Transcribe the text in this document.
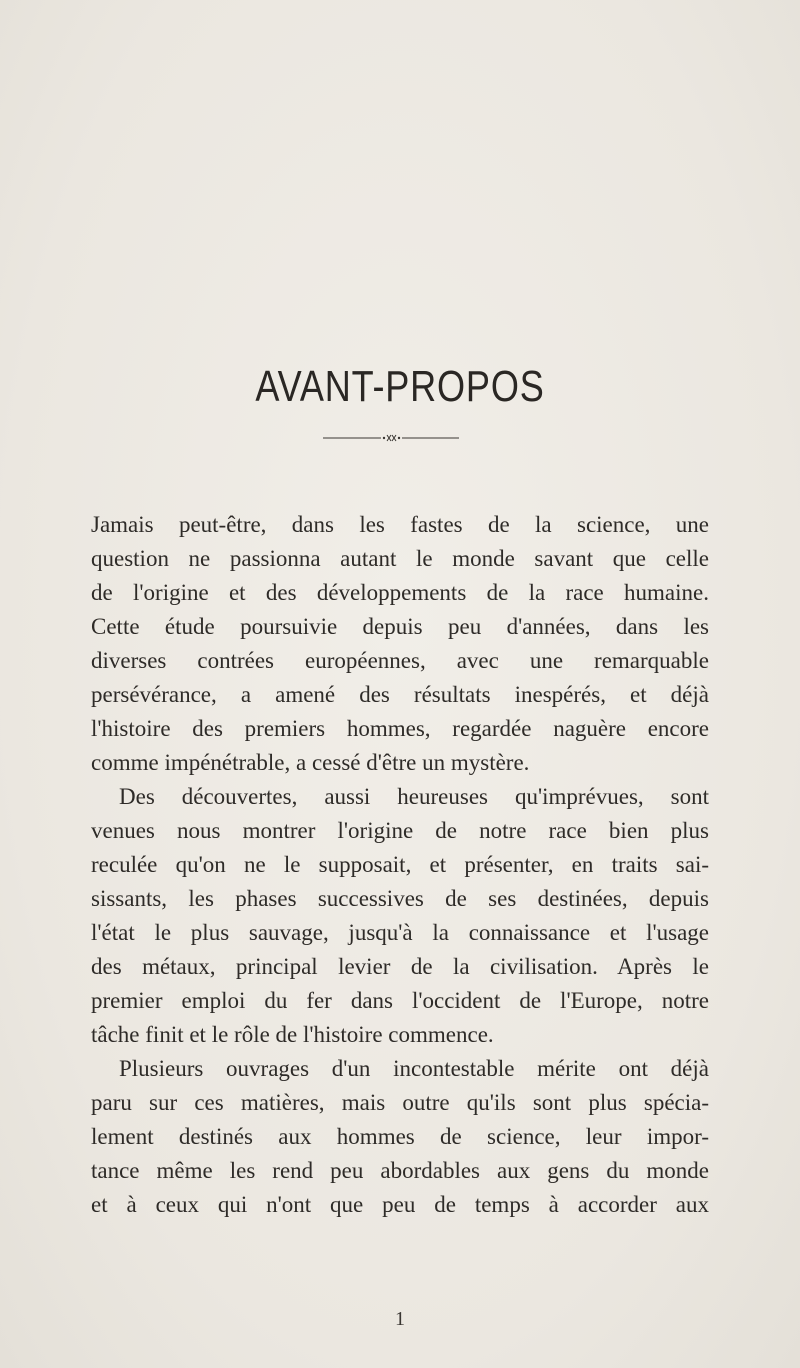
AVANT-PROPOS
Jamais peut-être, dans les fastes de la science, une
question ne passionna autant le monde savant que celle
de l'origine et des développements de la race humaine.
Cette étude poursuivie depuis peu d'années, dans les
diverses contrées européennes, avec une remarquable
persévérance, a amené des résultats inespérés, et déjà
l'histoire des premiers hommes, regardée naguère encore
comme impénétrable, a cessé d'être un mystère.
Des découvertes, aussi heureuses qu'imprévues, sont
venues nous montrer l'origine de notre race bien plus
reculée qu'on ne le supposait, et présenter, en traits sai-
sissants, les phases successives de ses destinées, depuis
l'état le plus sauvage, jusqu'à la connaissance et l'usage
des métaux, principal levier de la civilisation. Après le
premier emploi du fer dans l'occident de l'Europe, notre
tâche finit et le rôle de l'histoire commence.
Plusieurs ouvrages d'un incontestable mérite ont déjà
paru sur ces matières, mais outre qu'ils sont plus spécia-
lement destinés aux hommes de science, leur impor-
tance même les rend peu abordables aux gens du monde
et à ceux qui n'ont que peu de temps à accorder aux
1
